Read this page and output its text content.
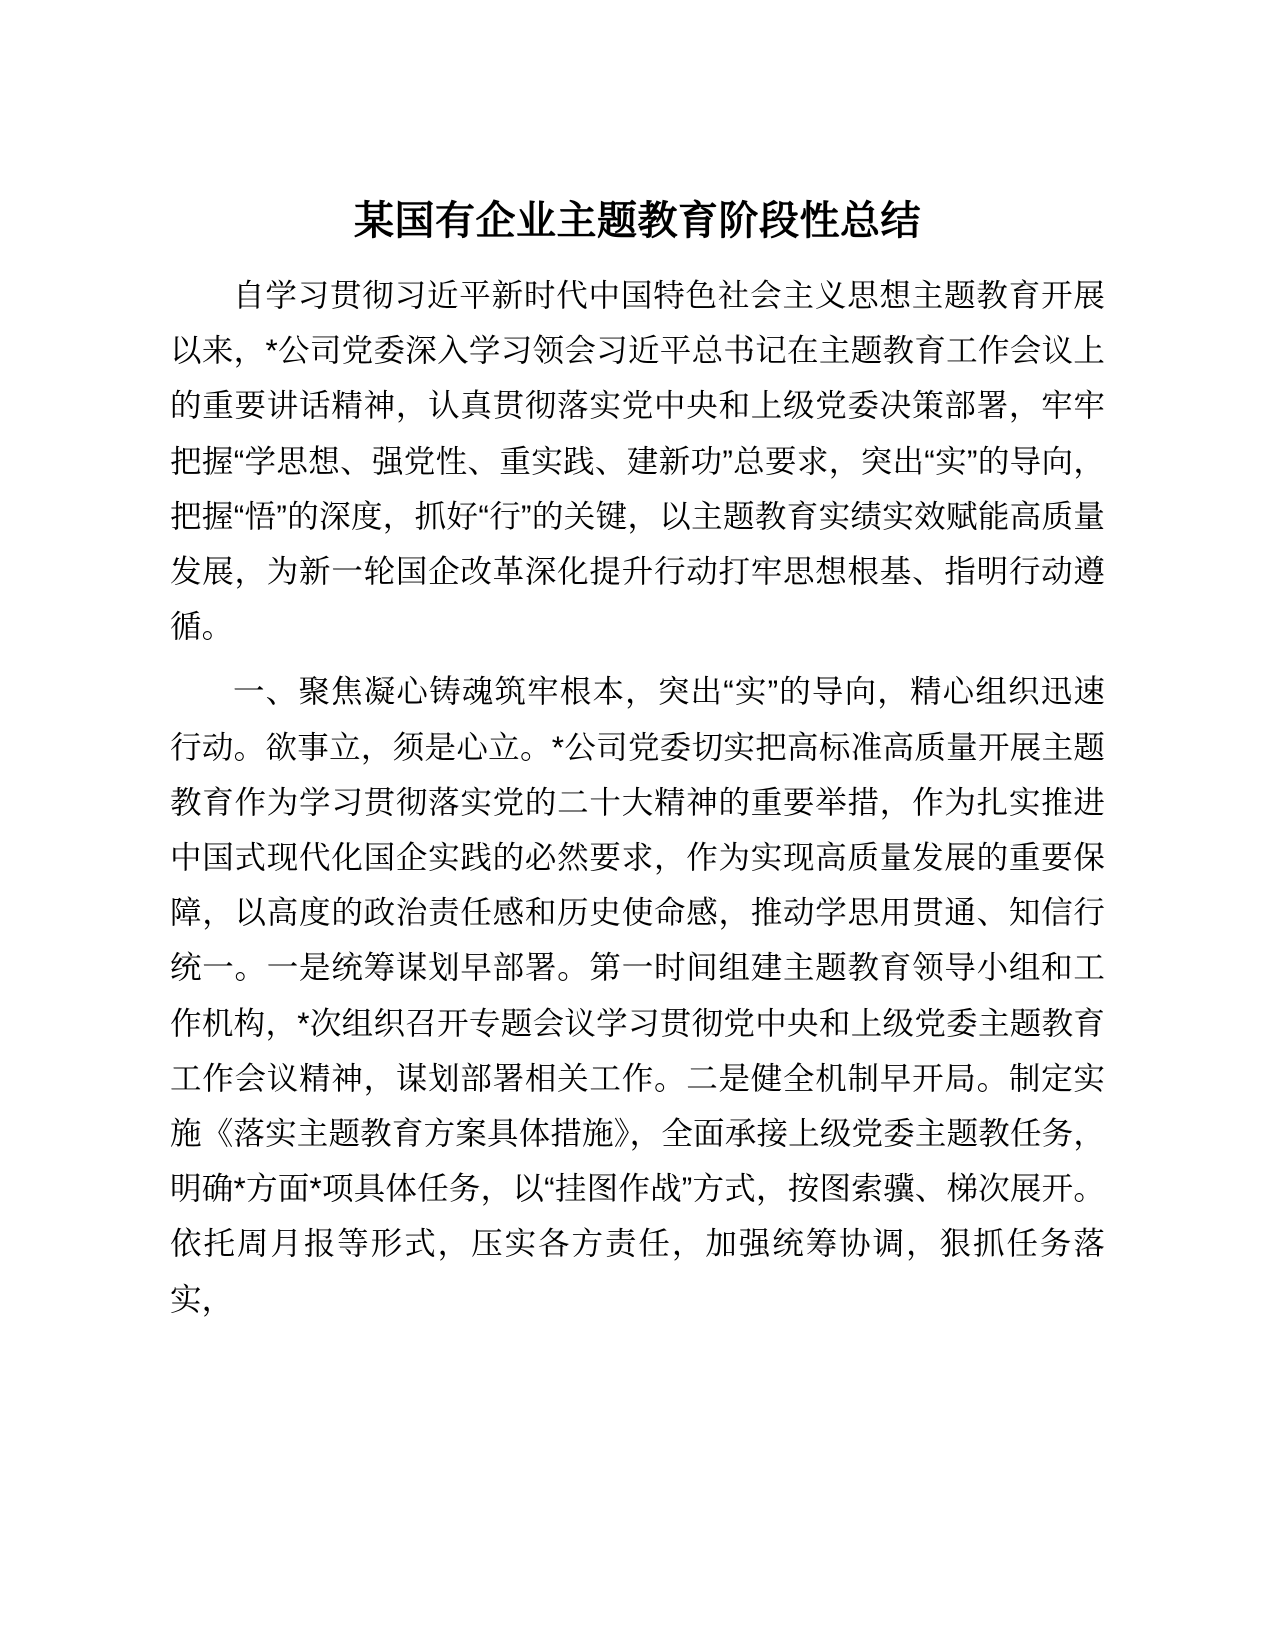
某国有企业主题教育阶段性总结

自学习贯彻习近平新时代中国特色社会主义思想主题教育开展以来，*公司党委深入学习领会习近平总书记在主题教育工作会议上的重要讲话精神，认真贯彻落实党中央和上级党委决策部署，牢牢把握“学思想、强党性、重实践、建新功”总要求，突出“实”的导向，把握“悟”的深度，抓好“行”的关键，以主题教育实绩实效赋能高质量发展，为新一轮国企改革深化提升行动打牢思想根基、指明行动遵循。

一、聚焦凝心铸魂筑牢根本，突出“实”的导向，精心组织迅速行动。欲事立，须是心立。*公司党委切实把高标准高质量开展主题教育作为学习贯彻落实党的二十大精神的重要举措，作为扎实推进中国式现代化国企实践的必然要求，作为实现高质量发展的重要保障，以高度的政治责任感和历史使命感，推动学思用贯通、知信行统一。一是统筹谋划早部署。第一时间组建主题教育领导小组和工作机构，*次组织召开专题会议学习贯彻党中央和上级党委主题教育工作会议精神，谋划部署相关工作。二是健全机制早开局。制定实施《落实主题教育方案具体措施》，全面承接上级党委主题教任务，明确*方面*项具体任务，以“挂图作战”方式，按图索骥、梯次展开。依托周月报等形式，压实各方责任，加强统筹协调，狠抓任务落实，
